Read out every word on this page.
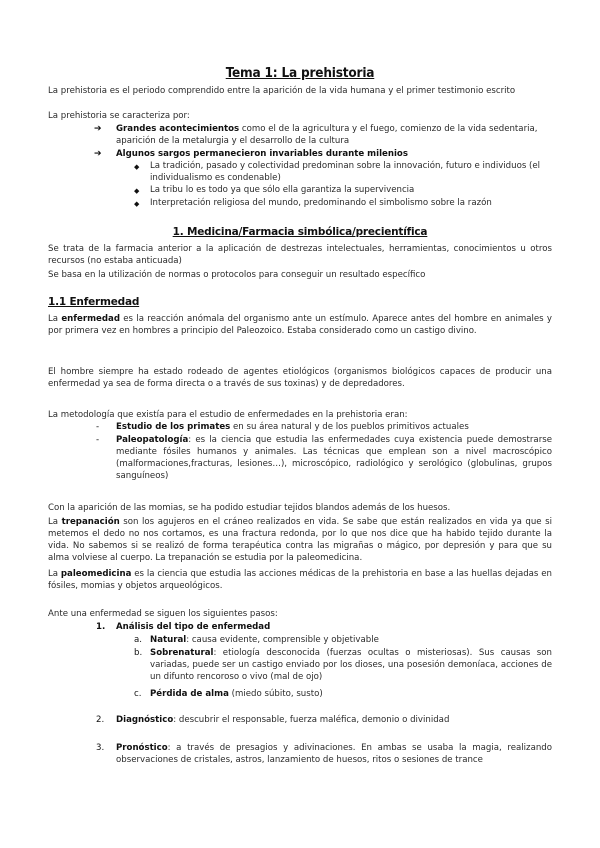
Tema 1: La prehistoria

La prehistoria es el periodo comprendido entre la aparición de la vida humana y el primer testimonio escrito

La prehistoria se caracteriza por:

➔ Grandes acontecimientos como el de la agricultura y el fuego, comienzo de la vida sedentaria, aparición de la metalurgia y el desarrollo de la cultura

➔ Algunos sargos permanecieron invariables durante milenios

◆ La tradición, pasado y colectividad predominan sobre la innovación, futuro e individuos (el individualismo es condenable)

◆ La tribu lo es todo ya que sólo ella garantiza la supervivencia

◆ Interpretación religiosa del mundo, predominando el simbolismo sobre la razón

1. Medicina/Farmacia simbólica/precientífica

Se trata de la farmacia anterior a la aplicación de destrezas intelectuales, herramientas, conocimientos u otros recursos (no estaba anticuada)

Se basa en la utilización de normas o protocolos para conseguir un resultado específico

1.1 Enfermedad

La enfermedad es la reacción anómala del organismo ante un estímulo. Aparece antes del hombre en animales y por primera vez en hombres a principio del Paleozoico. Estaba considerado como un castigo divino.

El hombre siempre ha estado rodeado de agentes etiológicos (organismos biológicos capaces de producir una enfermedad ya sea de forma directa o a través de sus toxinas) y de depredadores.

La metodología que existía para el estudio de enfermedades en la prehistoria eran:

- Estudio de los primates en su área natural y de los pueblos primitivos actuales

- Paleopatología: es la ciencia que estudia las enfermedades cuya existencia puede demostrarse mediante fósiles humanos y animales. Las técnicas que emplean son a nivel macroscópico (malformaciones,fracturas, lesiones…), microscópico, radiológico y serológico (globulinas, grupos sanguíneos)

Con la aparición de las momias, se ha podido estudiar tejidos blandos además de los huesos.

La trepanación son los agujeros en el cráneo realizados en vida. Se sabe que están realizados en vida ya que si metemos el dedo no nos cortamos, es una fractura redonda, por lo que nos dice que ha habido tejido durante la vida. No sabemos si se realizó de forma terapéutica contra las migrañas o mágico, por depresión y para que su alma volviese al cuerpo. La trepanación se estudia por la paleomedicina.

La paleomedicina es la ciencia que estudia las acciones médicas de la prehistoria en base a las huellas dejadas en fósiles, momias y objetos arqueológicos.

Ante una enfermedad se siguen los siguientes pasos:

1. Análisis del tipo de enfermedad

a. Natural: causa evidente, comprensible y objetivable

b. Sobrenatural: etiología desconocida (fuerzas ocultas o misteriosas). Sus causas son variadas, puede ser un castigo enviado por los dioses, una posesión demoníaca, acciones de un difunto rencoroso o vivo (mal de ojo)

c. Pérdida de alma (miedo súbito, susto)

2. Diagnóstico: descubrir el responsable, fuerza maléfica, demonio o divinidad

3. Pronóstico: a través de presagios y adivinaciones. En ambas se usaba la magia, realizando observaciones de cristales, astros, lanzamiento de huesos, ritos o sesiones de trance
